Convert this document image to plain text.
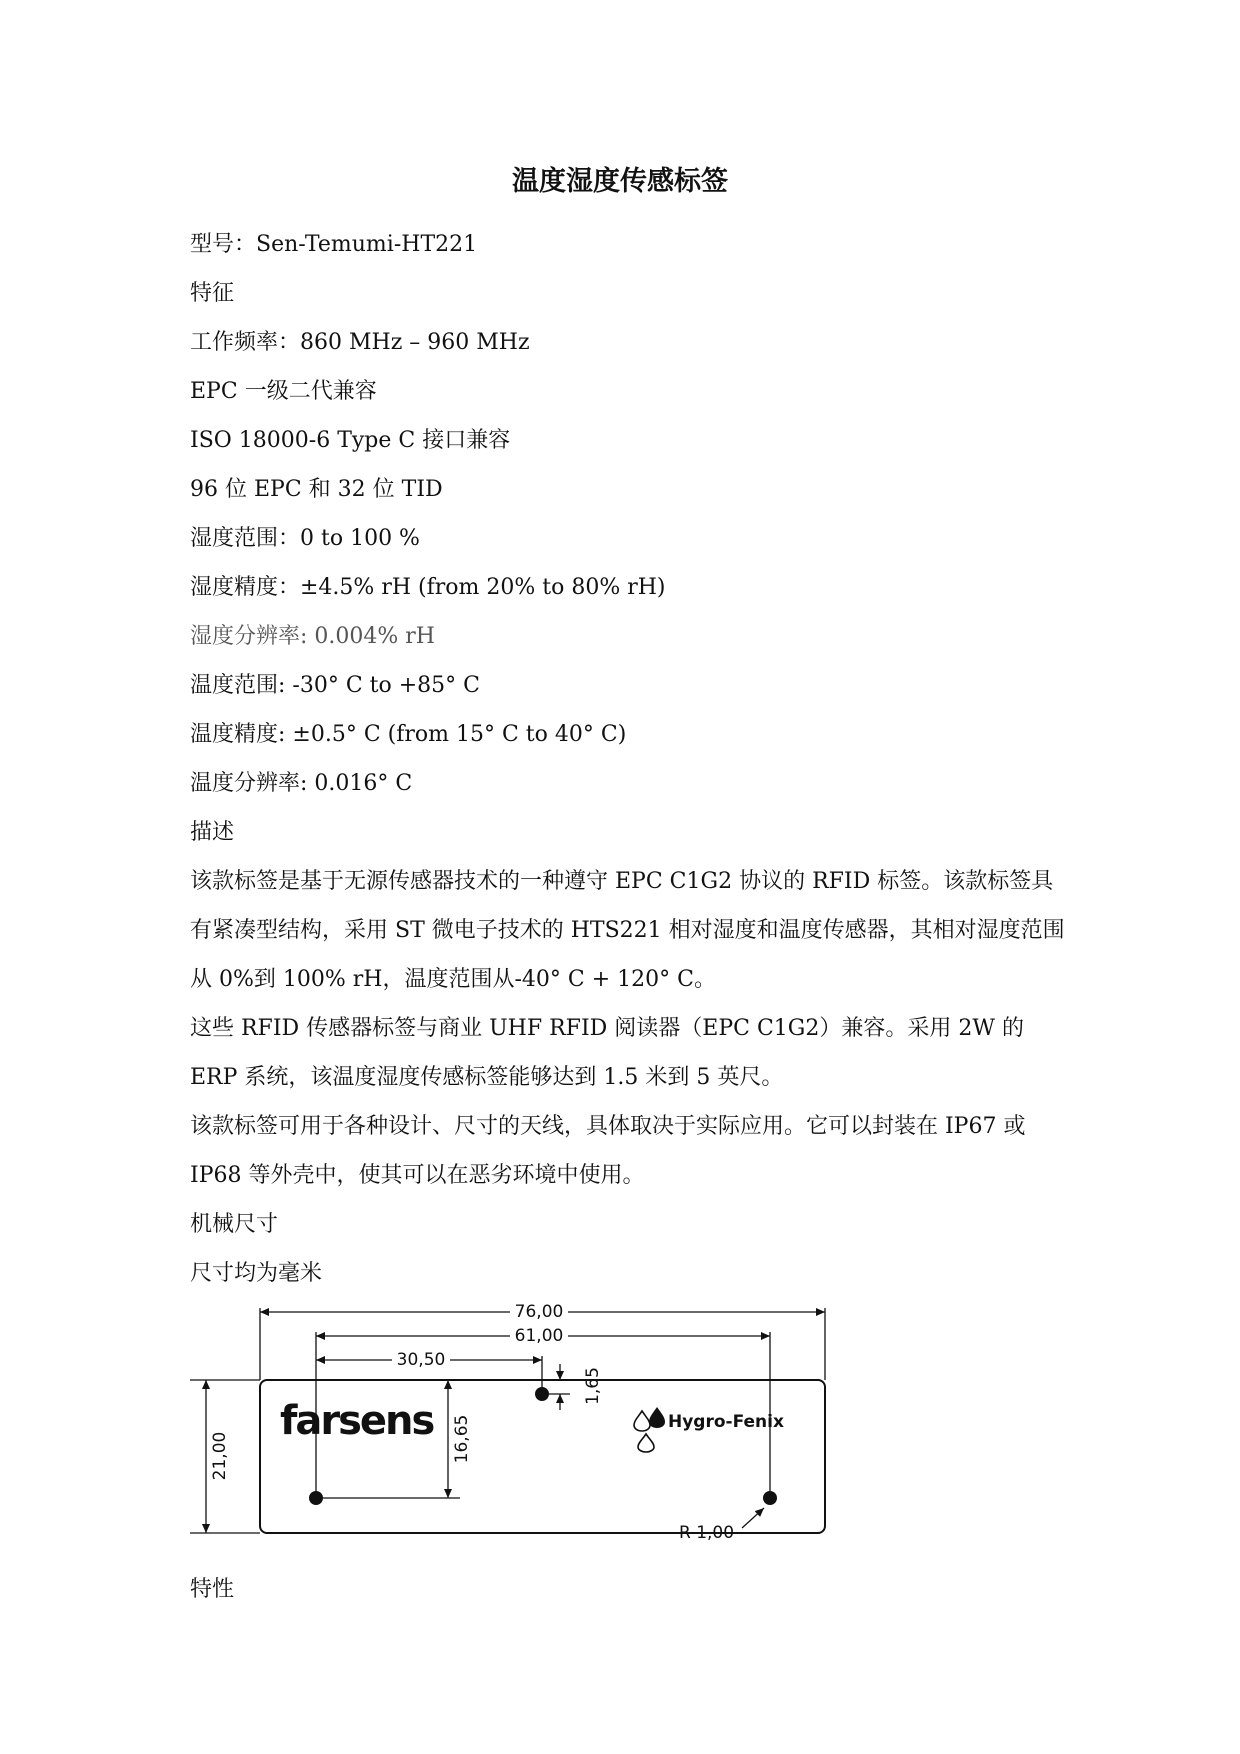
温度湿度传感标签

型号：Sen-Temumi-HT221

特征

工作频率：860 MHz – 960 MHz

EPC 一级二代兼容

ISO 18000-6 Type C 接口兼容

96 位 EPC 和 32 位 TID

湿度范围：0 to 100 %

湿度精度：±4.5% rH (from 20% to 80% rH)

湿度分辨率: 0.004% rH

温度范围: -30° C to +85° C

温度精度: ±0.5° C (from 15° C to 40° C)

温度分辨率: 0.016° C

描述

该款标签是基于无源传感器技术的一种遵守 EPC C1G2 协议的 RFID 标签。该款标签具有紧凑型结构，采用 ST 微电子技术的 HTS221 相对湿度和温度传感器，其相对湿度范围从 0%到 100% rH，温度范围从-40° C + 120° C。

这些 RFID 传感器标签与商业 UHF RFID 阅读器（EPC C1G2）兼容。采用 2W 的 ERP 系统，该温度湿度传感标签能够达到 1.5 米到 5 英尺。

该款标签可用于各种设计、尺寸的天线，具体取决于实际应用。它可以封装在 IP67 或 IP68 等外壳中，使其可以在恶劣环境中使用。

机械尺寸

尺寸均为毫米

76,00
61,00
30,50
1,65
16,65
21,00
farsens	Hygro-Fenix
R 1,00

特性
